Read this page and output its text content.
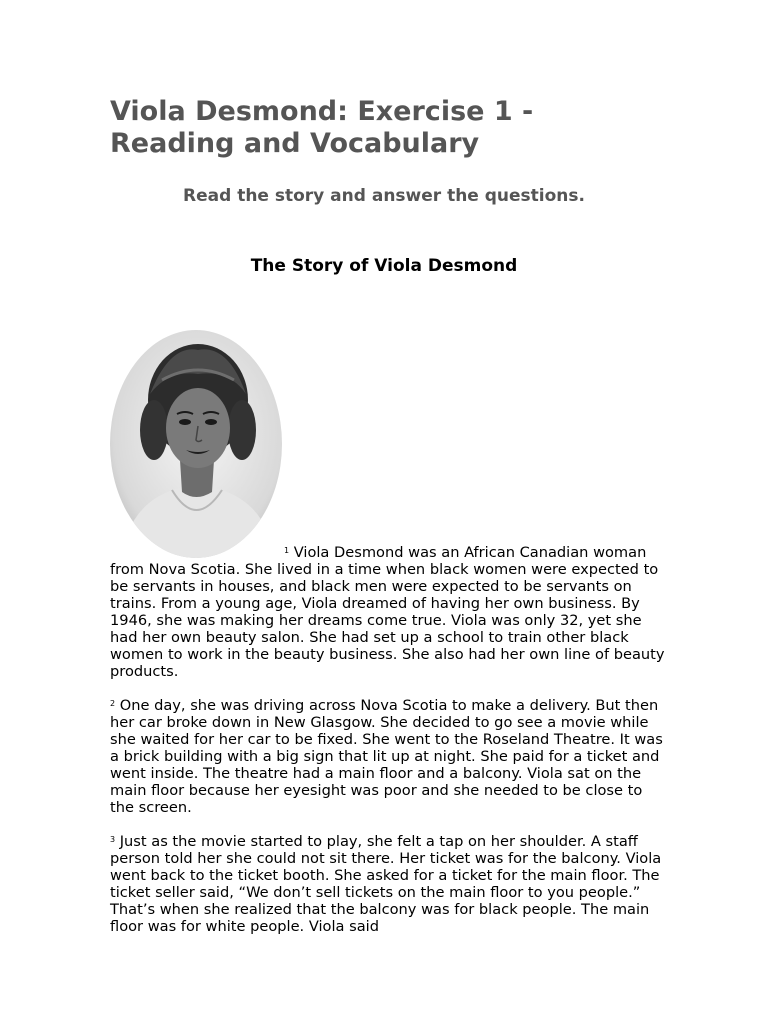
Viola Desmond: Exercise 1 -
Reading and Vocabulary

Read the story and answer the questions.

The Story of Viola Desmond

$^1$ Viola Desmond was an African Canadian woman from Nova Scotia. She lived in a time when black women were expected to be servants in houses, and black men were expected to be servants on trains. From a young age, Viola dreamed of having her own business. By 1946, she was making her dreams come true. Viola was only 32, yet she had her own beauty salon. She had set up a school to train other black women to work in the beauty business. She also had her own line of beauty products.

$^2$ One day, she was driving across Nova Scotia to make a delivery. But then her car broke down in New Glasgow. She decided to go see a movie while she waited for her car to be fixed. She went to the Roseland Theatre. It was a brick building with a big sign that lit up at night. She paid for a ticket and went inside. The theatre had a main floor and a balcony. Viola sat on the main floor because her eyesight was poor and she needed to be close to the screen.

$^3$ Just as the movie started to play, she felt a tap on her shoulder. A staff person told her she could not sit there. Her ticket was for the balcony. Viola went back to the ticket booth. She asked for a ticket for the main floor. The ticket seller said, “We don’t sell tickets on the main floor to you people.” That’s when she realized that the balcony was for black people. The main floor was for white people. Viola said
